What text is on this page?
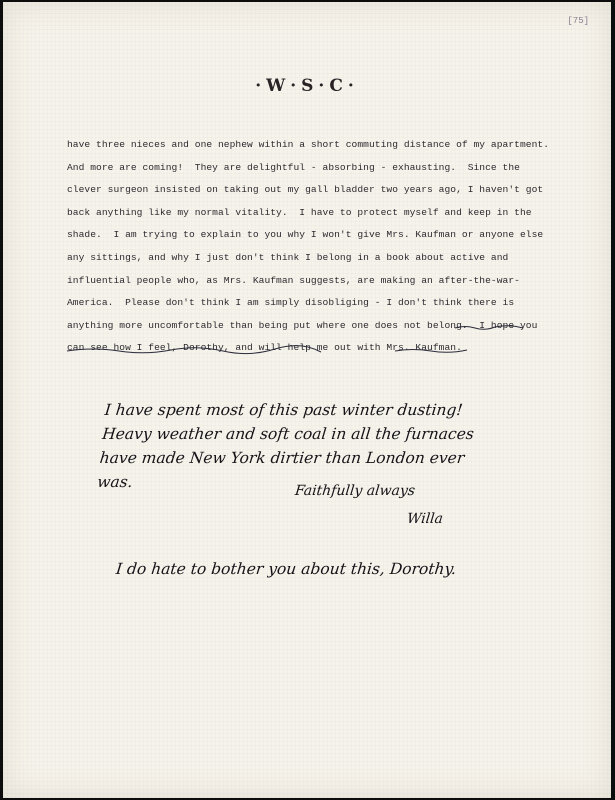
[75]
·W·S·C·
have three nieces and one nephew within a short commuting distance of my apartment.
And more are coming!  They are delightful - absorbing - exhausting.  Since the
clever surgeon insisted on taking out my gall bladder two years ago, I haven't got
back anything like my normal vitality.  I have to protect myself and keep in the
shade.  I am trying to explain to you why I won't give Mrs. Kaufman or anyone else
any sittings, and why I just don't think I belong in a book about active and
influential people who, as Mrs. Kaufman suggests, are making an after-the-war-
America.  Please don't think I am simply disobliging - I don't think there is
anything more uncomfortable than being put where one does not belong.  I hope you
can see how I feel, Dorothy, and will help me out with Mrs. Kaufman.
I have spent most of this past winter dusting!
Heavy weather and soft coal in all the furnaces
have made New York dirtier than London ever
was.	Faithfully always
Willa
I do hate to bother you about this, Dorothy.
